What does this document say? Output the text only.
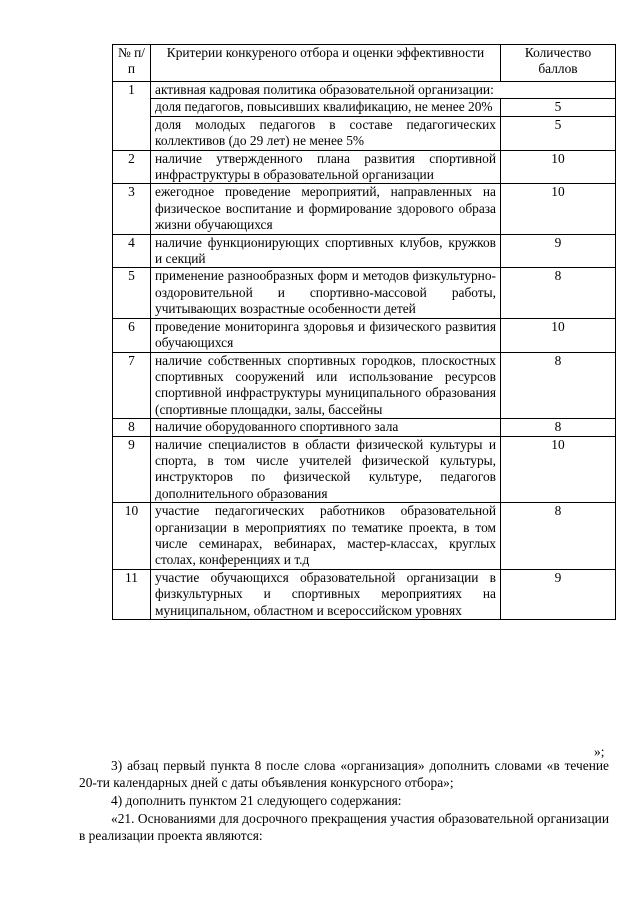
№ п/п	Критерии конкуреного отбора и оценки эффективности	Количество баллов
1	активная кадровая политика образовательной организации:	
	доля педагогов, повысивших квалификацию, не менее 20%	5
	доля молодых педагогов в составе педагогических коллективов (до 29 лет) не менее 5%	5
2	наличие утвержденного плана развития спортивной инфраструктуры в образовательной организации	10
3	ежегодное проведение мероприятий, направленных на физическое воспитание и формирование здорового образа жизни обучающихся	10
4	наличие функционирующих спортивных клубов, кружков и секций	9
5	применение разнообразных форм и методов физкультурно-оздоровительной и спортивно-массовой работы, учитывающих возрастные особенности детей	8
6	проведение мониторинга здоровья и физического развития обучающихся	10
7	наличие собственных спортивных городков, плоскостных спортивных сооружений или использование ресурсов спортивной инфраструктуры муниципального образования (спортивные площадки, залы, бассейны	8
8	наличие оборудованного спортивного зала	8
9	наличие специалистов в области физической культуры и спорта, в том числе учителей физической культуры, инструкторов по физической культуре, педагогов дополнительного образования	10
10	участие педагогических работников образовательной организации в мероприятиях по тематике проекта, в том числе семинарах, вебинарах, мастер-классах, круглых столах, конференциях и т.д	8
11	участие обучающихся образовательной организации в физкультурных и спортивных мероприятиях на муниципальном, областном и всероссийском уровнях	9
»;
3) абзац первый пункта 8 после слова «организация» дополнить словами «в течение 20-ти календарных дней с даты объявления конкурсного отбора»;
4) дополнить пунктом 21 следующего содержания:
«21. Основаниями для досрочного прекращения участия образовательной организации в реализации проекта являются:
